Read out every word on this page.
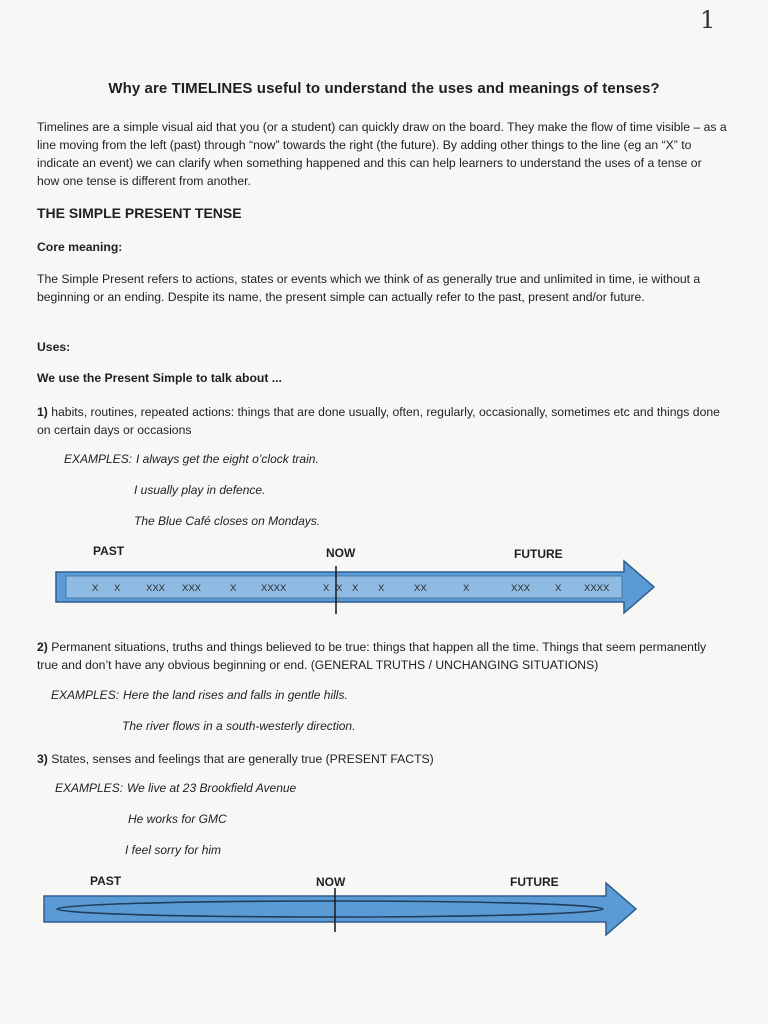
1
Why are TIMELINES useful to understand the uses and meanings of tenses?
Timelines are a simple visual aid that you (or a student) can quickly draw on the board. They make the flow of time visible – as a line moving from the left (past) through “now” towards the right (the future). By adding other things to the line (eg an “X” to indicate an event) we can clarify when something happened and this can help learners to understand the uses of a tense or how one tense is different from another.
THE SIMPLE PRESENT TENSE
Core meaning:
The Simple Present refers to actions, states or events which we think of as generally true and unlimited in time, ie without a beginning or an ending. Despite its name, the present simple can actually refer to the past, present and/or future.
Uses:
We use the Present Simple to talk about ...
1) habits, routines, repeated actions: things that are done usually, often, regularly, occasionally, sometimes etc and things done on certain days or occasions
EXAMPLES: I always get the eight o’clock train.
I usually play in defence.
The Blue Café closes on Mondays.
PAST	NOW	FUTURE
X X	XXX XXX	X	XXXX	X X X X	XX	X	XXX	X XXXX
2) Permanent situations, truths and things believed to be true: things that happen all the time. Things that seem permanently true and don’t have any obvious beginning or end. (GENERAL TRUTHS / UNCHANGING SITUATIONS)
EXAMPLES: Here the land rises and falls in gentle hills.
The river flows in a south-westerly direction.
3) States, senses and feelings that are generally true (PRESENT FACTS)
EXAMPLES: We live at 23 Brookfield Avenue
He works for GMC
I feel sorry for him
PAST	NOW	FUTURE
